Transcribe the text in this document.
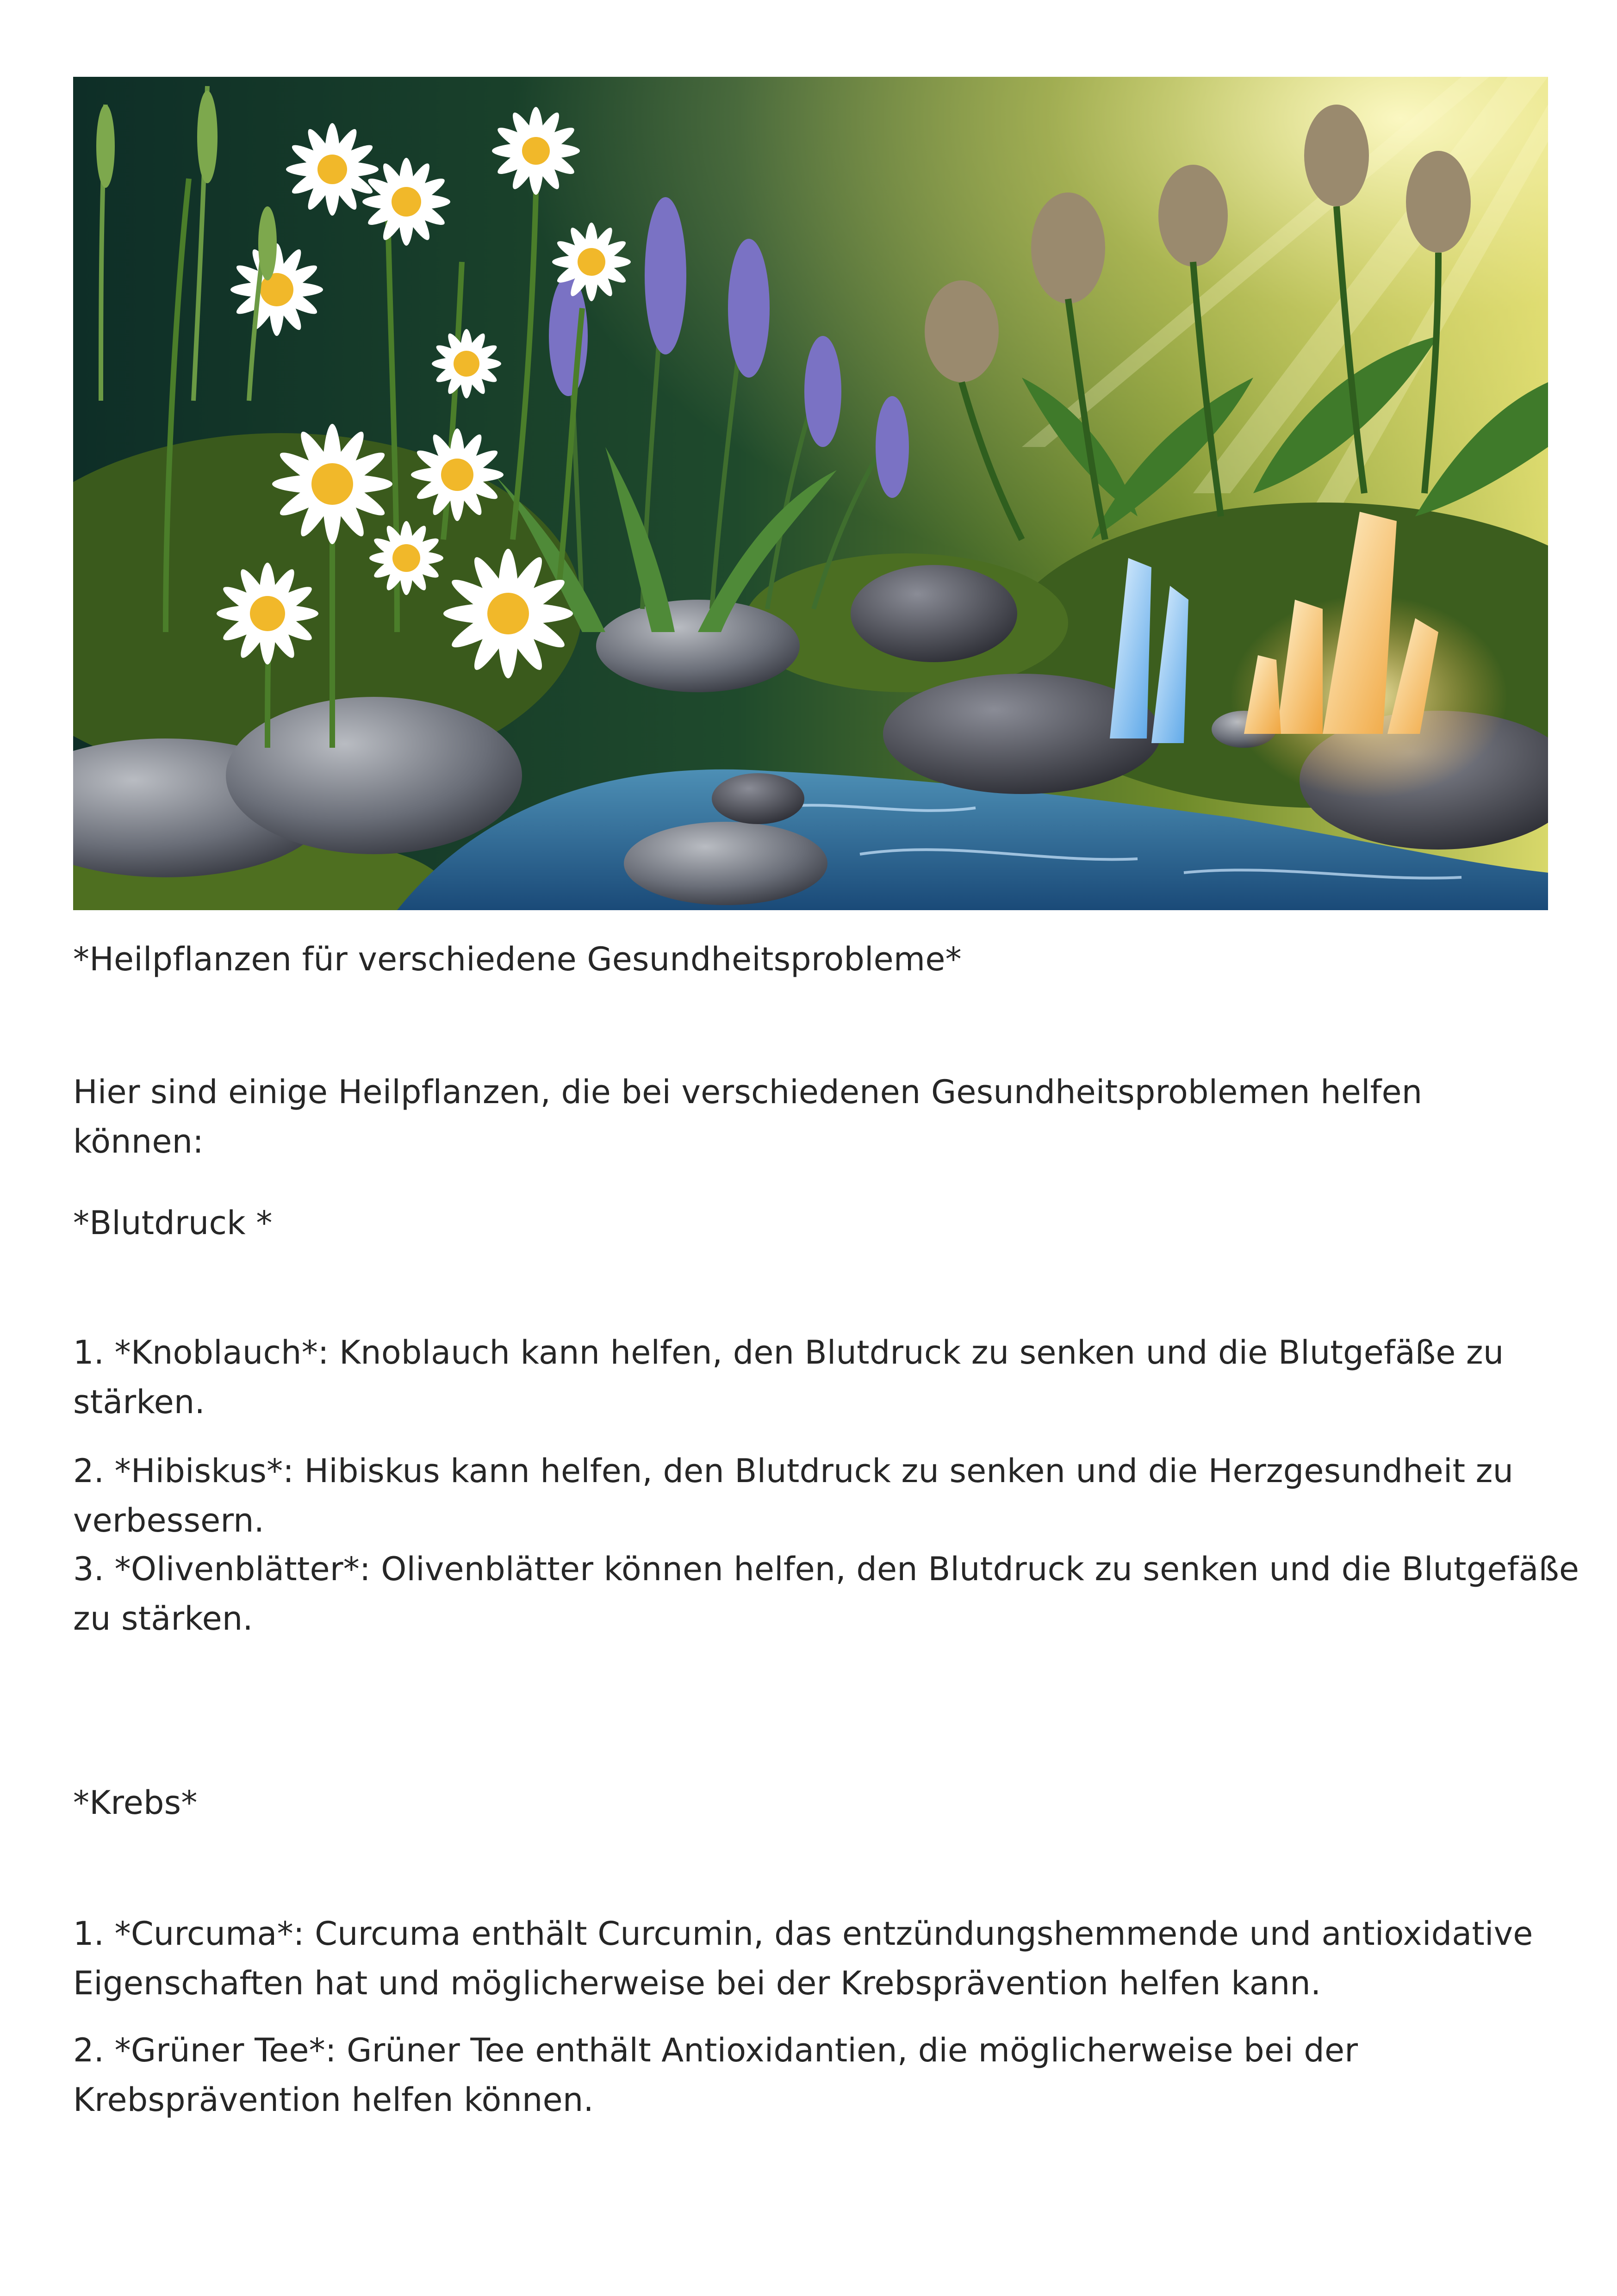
*Heilpflanzen für verschiedene Gesundheitsprobleme*

Hier sind einige Heilpflanzen, die bei verschiedenen Gesundheitsproblemen helfen können:

*Blutdruck *

1. *Knoblauch*: Knoblauch kann helfen, den Blutdruck zu senken und die Blutgefäße zu
stärken.

2. *Hibiskus*: Hibiskus kann helfen, den Blutdruck zu senken und die Herzgesundheit zu
verbessern.

3. *Olivenblätter*: Olivenblätter können helfen, den Blutdruck zu senken und die Blutgefäße
zu stärken.

*Krebs*

1. *Curcuma*: Curcuma enthält Curcumin, das entzündungshemmende und antioxidative
Eigenschaften hat und möglicherweise bei der Krebsprävention helfen kann.

2. *Grüner Tee*: Grüner Tee enthält Antioxidantien, die möglicherweise bei der
Krebsprävention helfen können.
